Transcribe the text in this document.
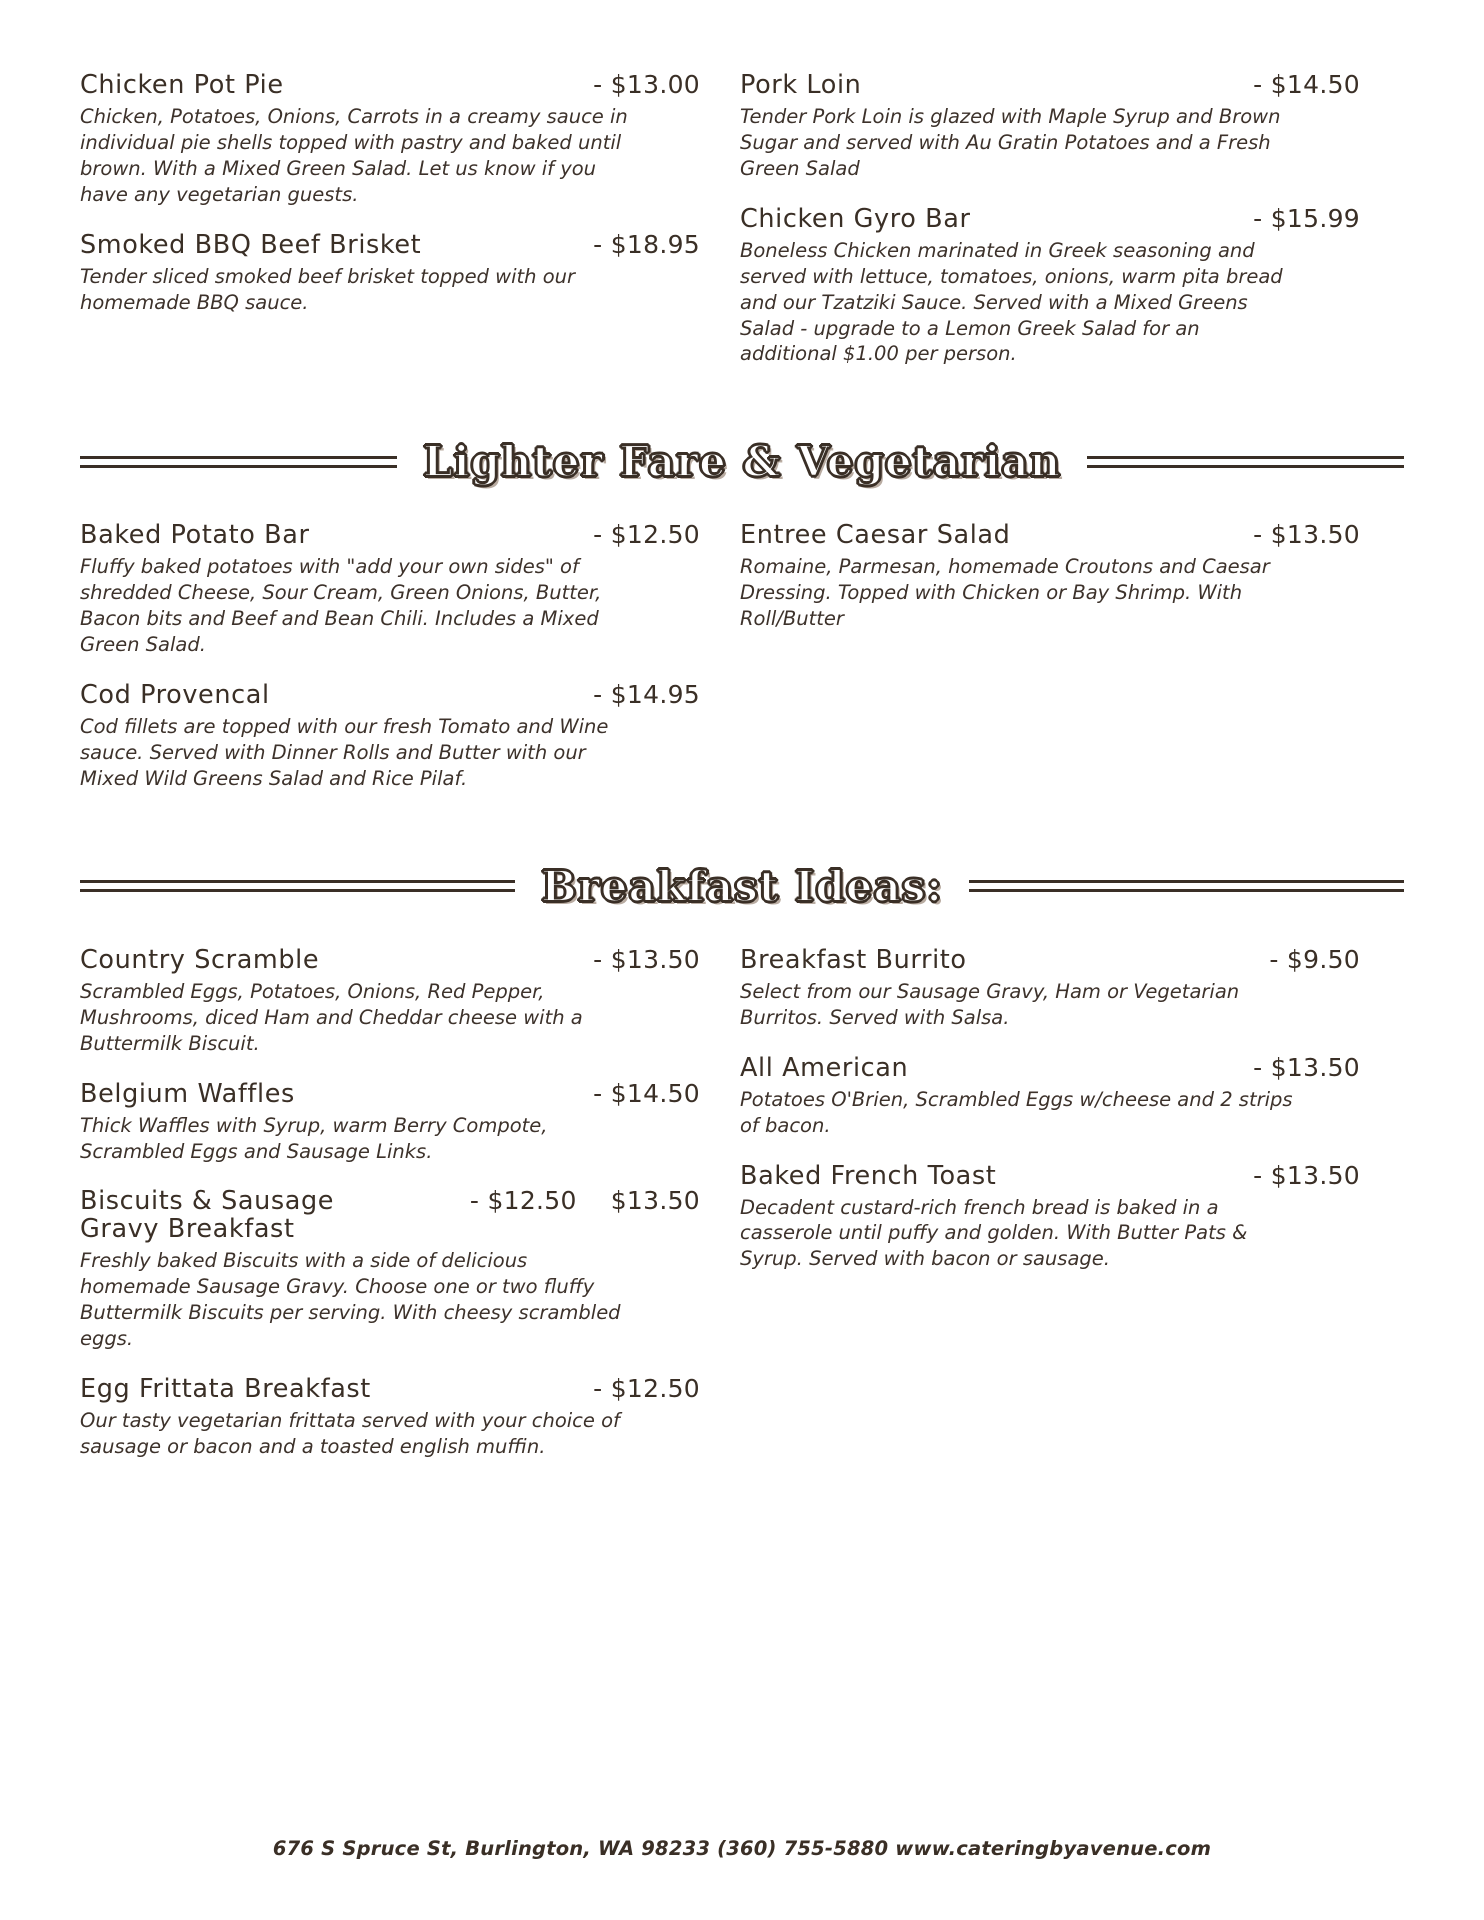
Chicken Pot Pie	- $13.00
Chicken, Potatoes, Onions, Carrots in a creamy sauce in individual pie shells topped with pastry and baked until brown. With a Mixed Green Salad. Let us know if you have any vegetarian guests.
Smoked BBQ Beef Brisket	- $18.95
Tender sliced smoked beef brisket topped with our homemade BBQ sauce.
Pork Loin	- $14.50
Tender Pork Loin is glazed with Maple Syrup and Brown Sugar and served with Au Gratin Potatoes and a Fresh Green Salad
Chicken Gyro Bar	- $15.99
Boneless Chicken marinated in Greek seasoning and served with lettuce, tomatoes, onions, warm pita bread and our Tzatziki Sauce. Served with a Mixed Greens Salad - upgrade to a Lemon Greek Salad for an additional $1.00 per person.
Lighter Fare & Vegetarian
Baked Potato Bar	- $12.50
Fluffy baked potatoes with "add your own sides" of shredded Cheese, Sour Cream, Green Onions, Butter, Bacon bits and Beef and Bean Chili. Includes a Mixed Green Salad.
Cod Provencal	- $14.95
Cod fillets are topped with our fresh Tomato and Wine sauce. Served with Dinner Rolls and Butter with our Mixed Wild Greens Salad and Rice Pilaf.
Entree Caesar Salad	- $13.50
Romaine, Parmesan, homemade Croutons and Caesar Dressing. Topped with Chicken or Bay Shrimp. With Roll/Butter
Breakfast Ideas:
Country Scramble	- $13.50
Scrambled Eggs, Potatoes, Onions, Red Pepper, Mushrooms, diced Ham and Cheddar cheese with a Buttermilk Biscuit.
Belgium Waffles	- $14.50
Thick Waffles with Syrup, warm Berry Compote, Scrambled Eggs and Sausage Links.
Biscuits & Sausage	- $12.50 $13.50
Gravy Breakfast
Freshly baked Biscuits with a side of delicious homemade Sausage Gravy. Choose one or two fluffy Buttermilk Biscuits per serving. With cheesy scrambled eggs.
Egg Frittata Breakfast	- $12.50
Our tasty vegetarian frittata served with your choice of sausage or bacon and a toasted english muffin.
Breakfast Burrito	- $9.50
Select from our Sausage Gravy, Ham or Vegetarian Burritos. Served with Salsa.
All American	- $13.50
Potatoes O'Brien, Scrambled Eggs w/cheese and 2 strips of bacon.
Baked French Toast	- $13.50
Decadent custard-rich french bread is baked in a casserole until puffy and golden. With Butter Pats & Syrup. Served with bacon or sausage.
676 S Spruce St, Burlington, WA 98233 (360) 755-5880 www.cateringbyavenue.com
